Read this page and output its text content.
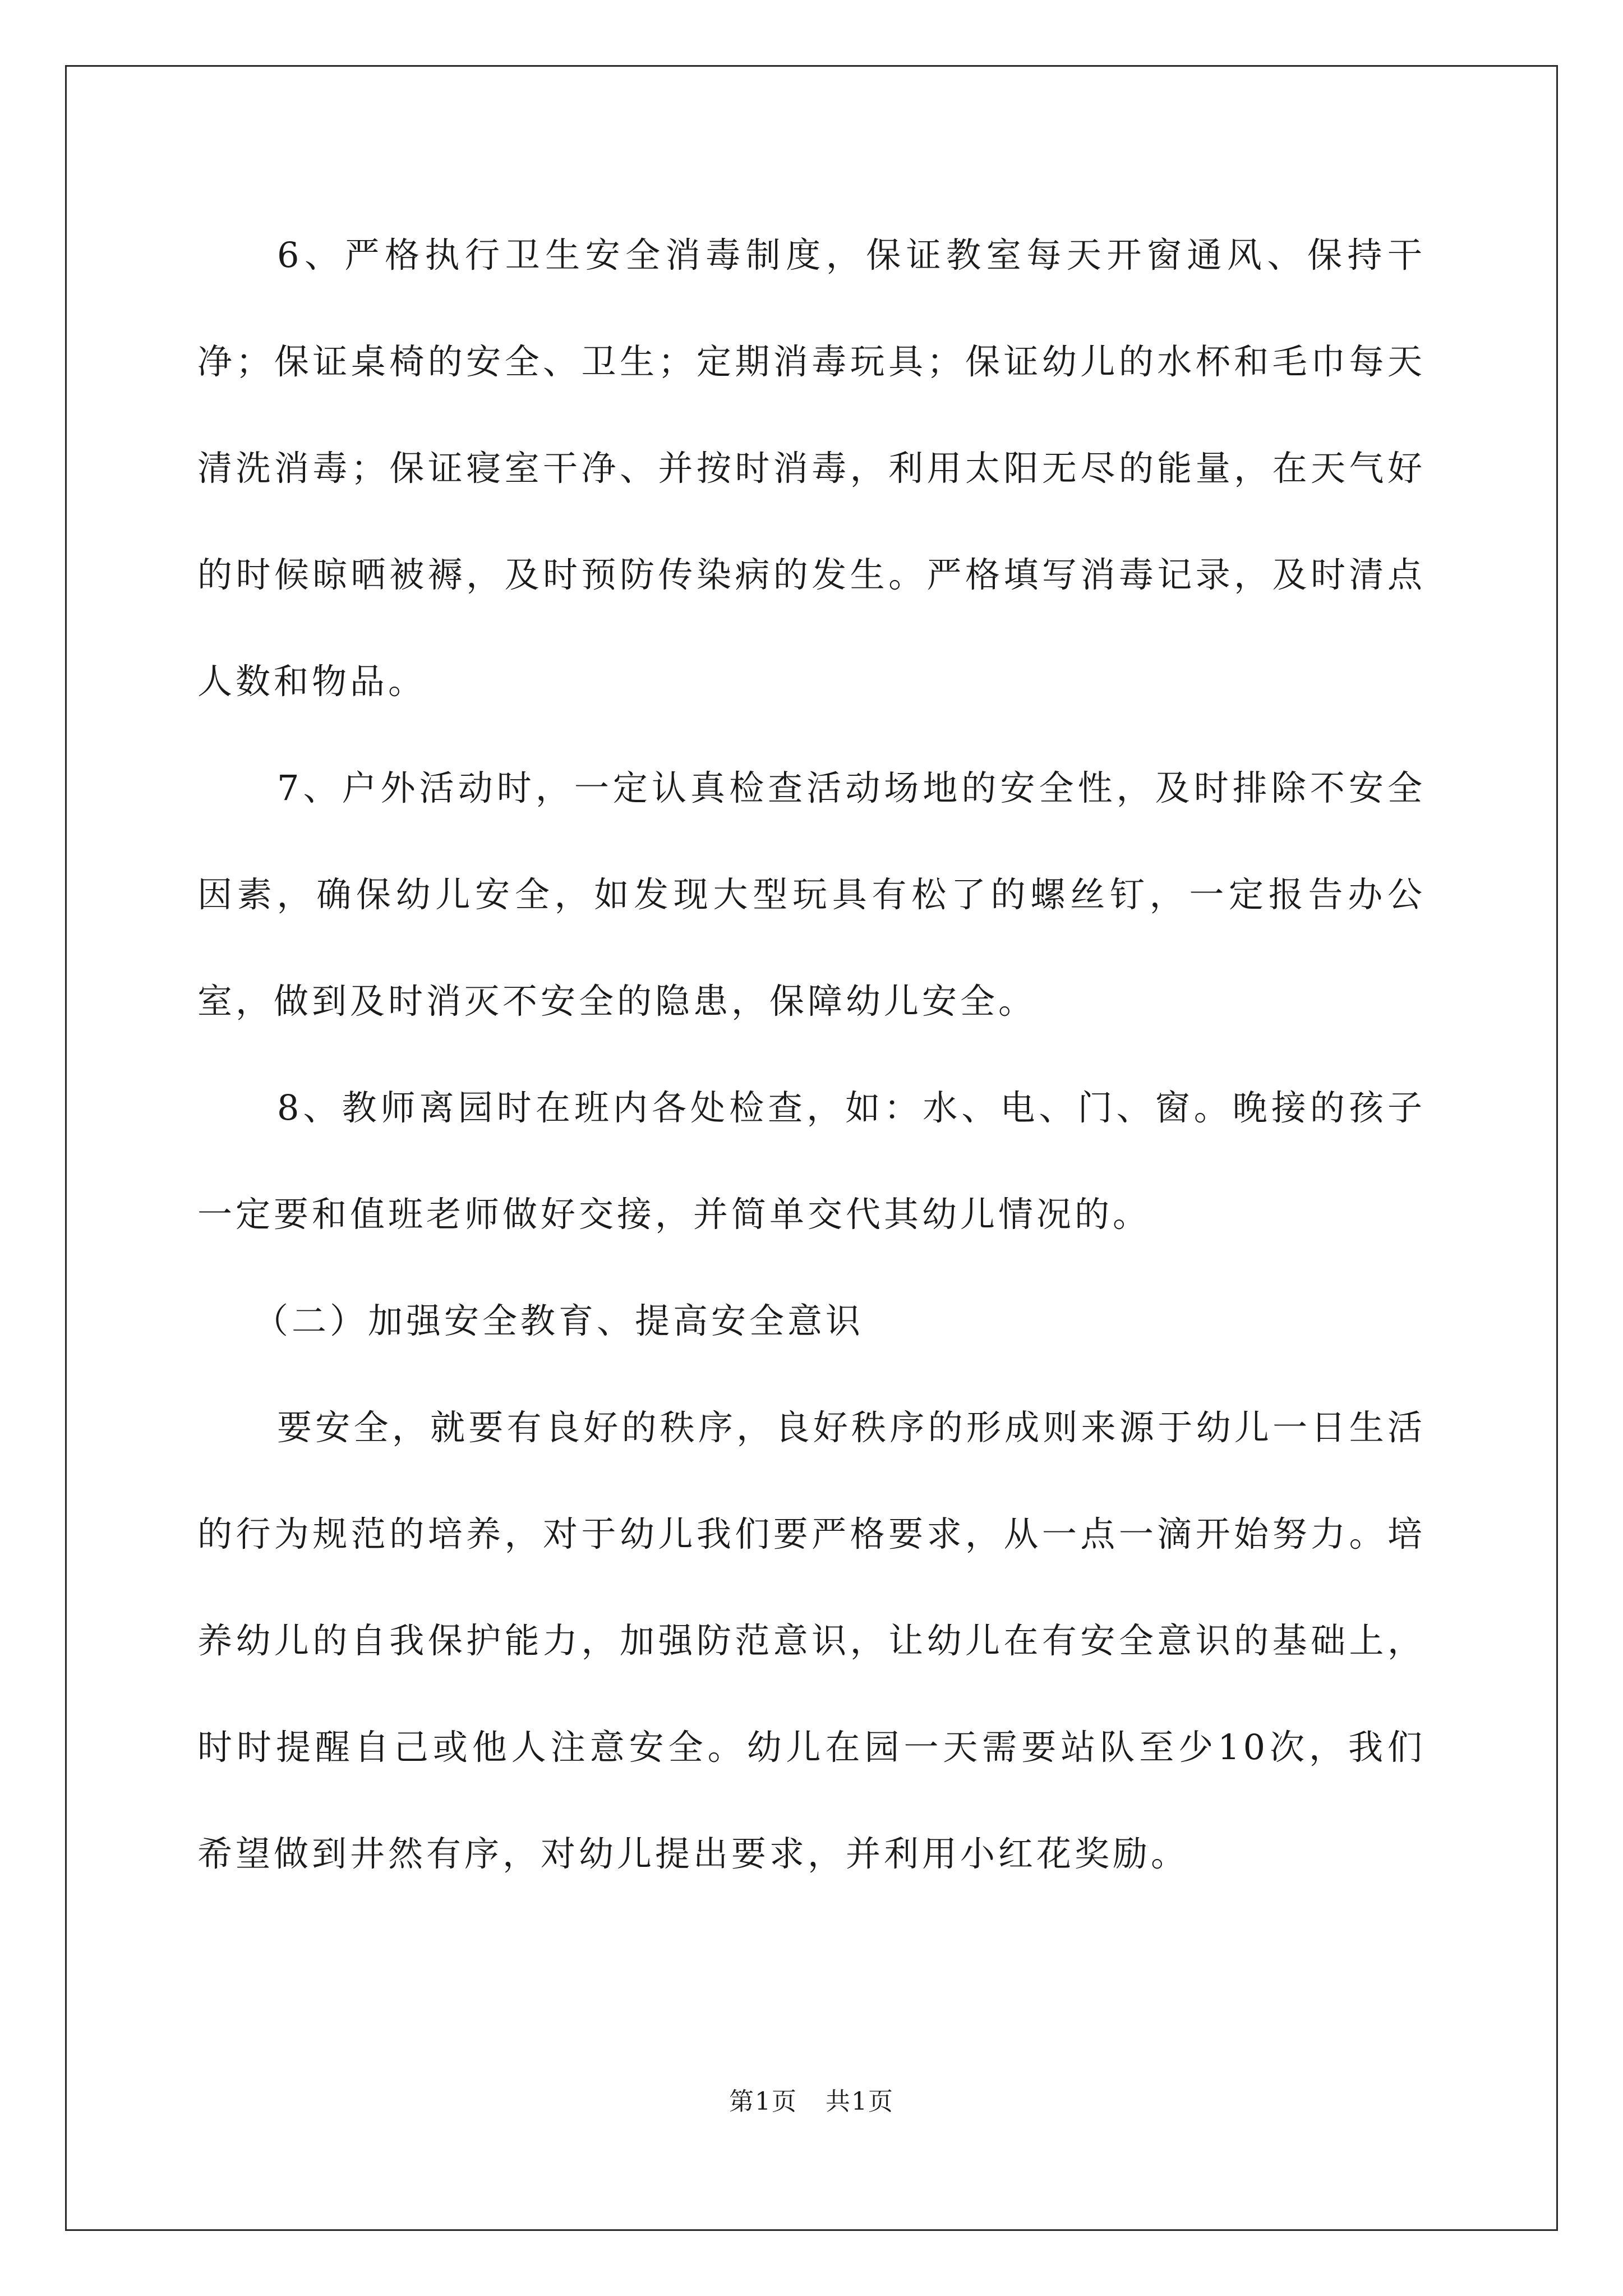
6、严格执行卫生安全消毒制度，保证教室每天开窗通风、保持干净；保证桌椅的安全、卫生；定期消毒玩具；保证幼儿的水杯和毛巾每天清洗消毒；保证寝室干净、并按时消毒，利用太阳无尽的能量，在天气好的时候晾晒被褥，及时预防传染病的发生。严格填写消毒记录，及时清点人数和物品。

7、户外活动时，一定认真检查活动场地的安全性，及时排除不安全因素，确保幼儿安全，如发现大型玩具有松了的螺丝钉，一定报告办公室，做到及时消灭不安全的隐患，保障幼儿安全。

8、教师离园时在班内各处检查，如：水、电、门、窗。晚接的孩子一定要和值班老师做好交接，并简单交代其幼儿情况的。

（二）加强安全教育、提高安全意识

要安全，就要有良好的秩序，良好秩序的形成则来源于幼儿一日生活的行为规范的培养，对于幼儿我们要严格要求，从一点一滴开始努力。培养幼儿的自我保护能力，加强防范意识，让幼儿在有安全意识的基础上，时时提醒自己或他人注意安全。幼儿在园一天需要站队至少10次，我们希望做到井然有序，对幼儿提出要求，并利用小红花奖励。

第1页 共1页
